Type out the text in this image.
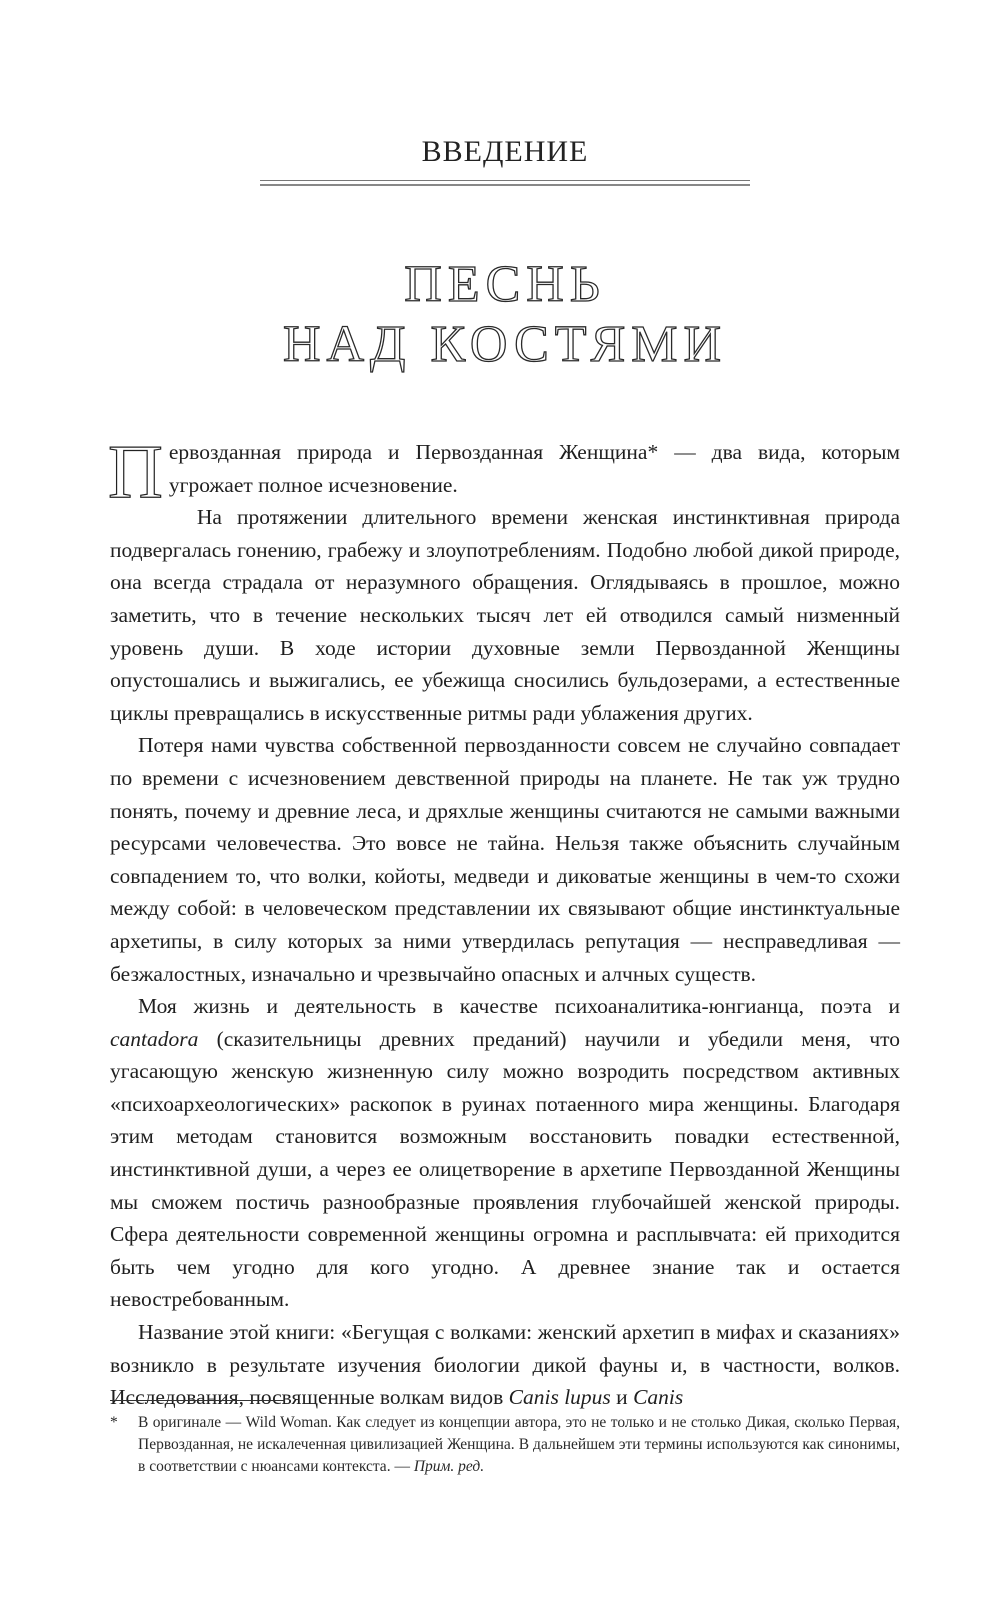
ВВЕДЕНИЕ
ПЕСНЬ
НАД КОСТЯМИ

Первозданная природа и Первозданная Женщина* — два вида, которым угрожает полное исчезновение.

На протяжении длительного времени женская инстинктивная природа подвергалась гонению, грабежу и злоупотреблениям. Подобно любой дикой природе, она всегда страдала от неразумного обращения. Оглядываясь в прошлое, можно заметить, что в течение нескольких тысяч лет ей отводился самый низменный уровень души. В ходе истории духовные земли Первозданной Женщины опустошались и выжигались, ее убежища сносились бульдозерами, а естественные циклы превращались в искусственные ритмы ради ублажения других.

Потеря нами чувства собственной первозданности совсем не случайно совпадает по времени с исчезновением девственной природы на планете. Не так уж трудно понять, почему и древние леса, и дряхлые женщины считаются не самыми важными ресурсами человечества. Это вовсе не тайна. Нельзя также объяснить случайным совпадением то, что волки, койоты, медведи и диковатые женщины в чем-то схожи между собой: в человеческом представлении их связывают общие инстинктуальные архетипы, в силу которых за ними утвердилась репутация — несправедливая — безжалостных, изначально и чрезвычайно опасных и алчных существ.

Моя жизнь и деятельность в качестве психоаналитика-юнгианца, поэта и cantadora (сказительницы древних преданий) научили и убедили меня, что угасающую женскую жизненную силу можно возродить посредством активных «психоархеологических» раскопок в руинах потаенного мира женщины. Благодаря этим методам становится возможным восстановить повадки естественной, инстинктивной души, а через ее олицетворение в архетипе Первозданной Женщины мы сможем постичь разнообразные проявления глубочайшей женской природы. Сфера деятельности современной женщины огромна и расплывчата: ей приходится быть чем угодно для кого угодно. А древнее знание так и остается невостребованным.

Название этой книги: «Бегущая с волками: женский архетип в мифах и сказаниях» возникло в результате изучения биологии дикой фауны и, в частности, волков. Исследования, посвященные волкам видов Canis lupus и Canis

* В оригинале — Wild Woman. Как следует из концепции автора, это не только и не столько Дикая, сколько Первая, Первозданная, не искалеченная цивилизацией Женщина. В дальнейшем эти термины используются как синонимы, в соответствии с нюансами контекста. — Прим. ред.
